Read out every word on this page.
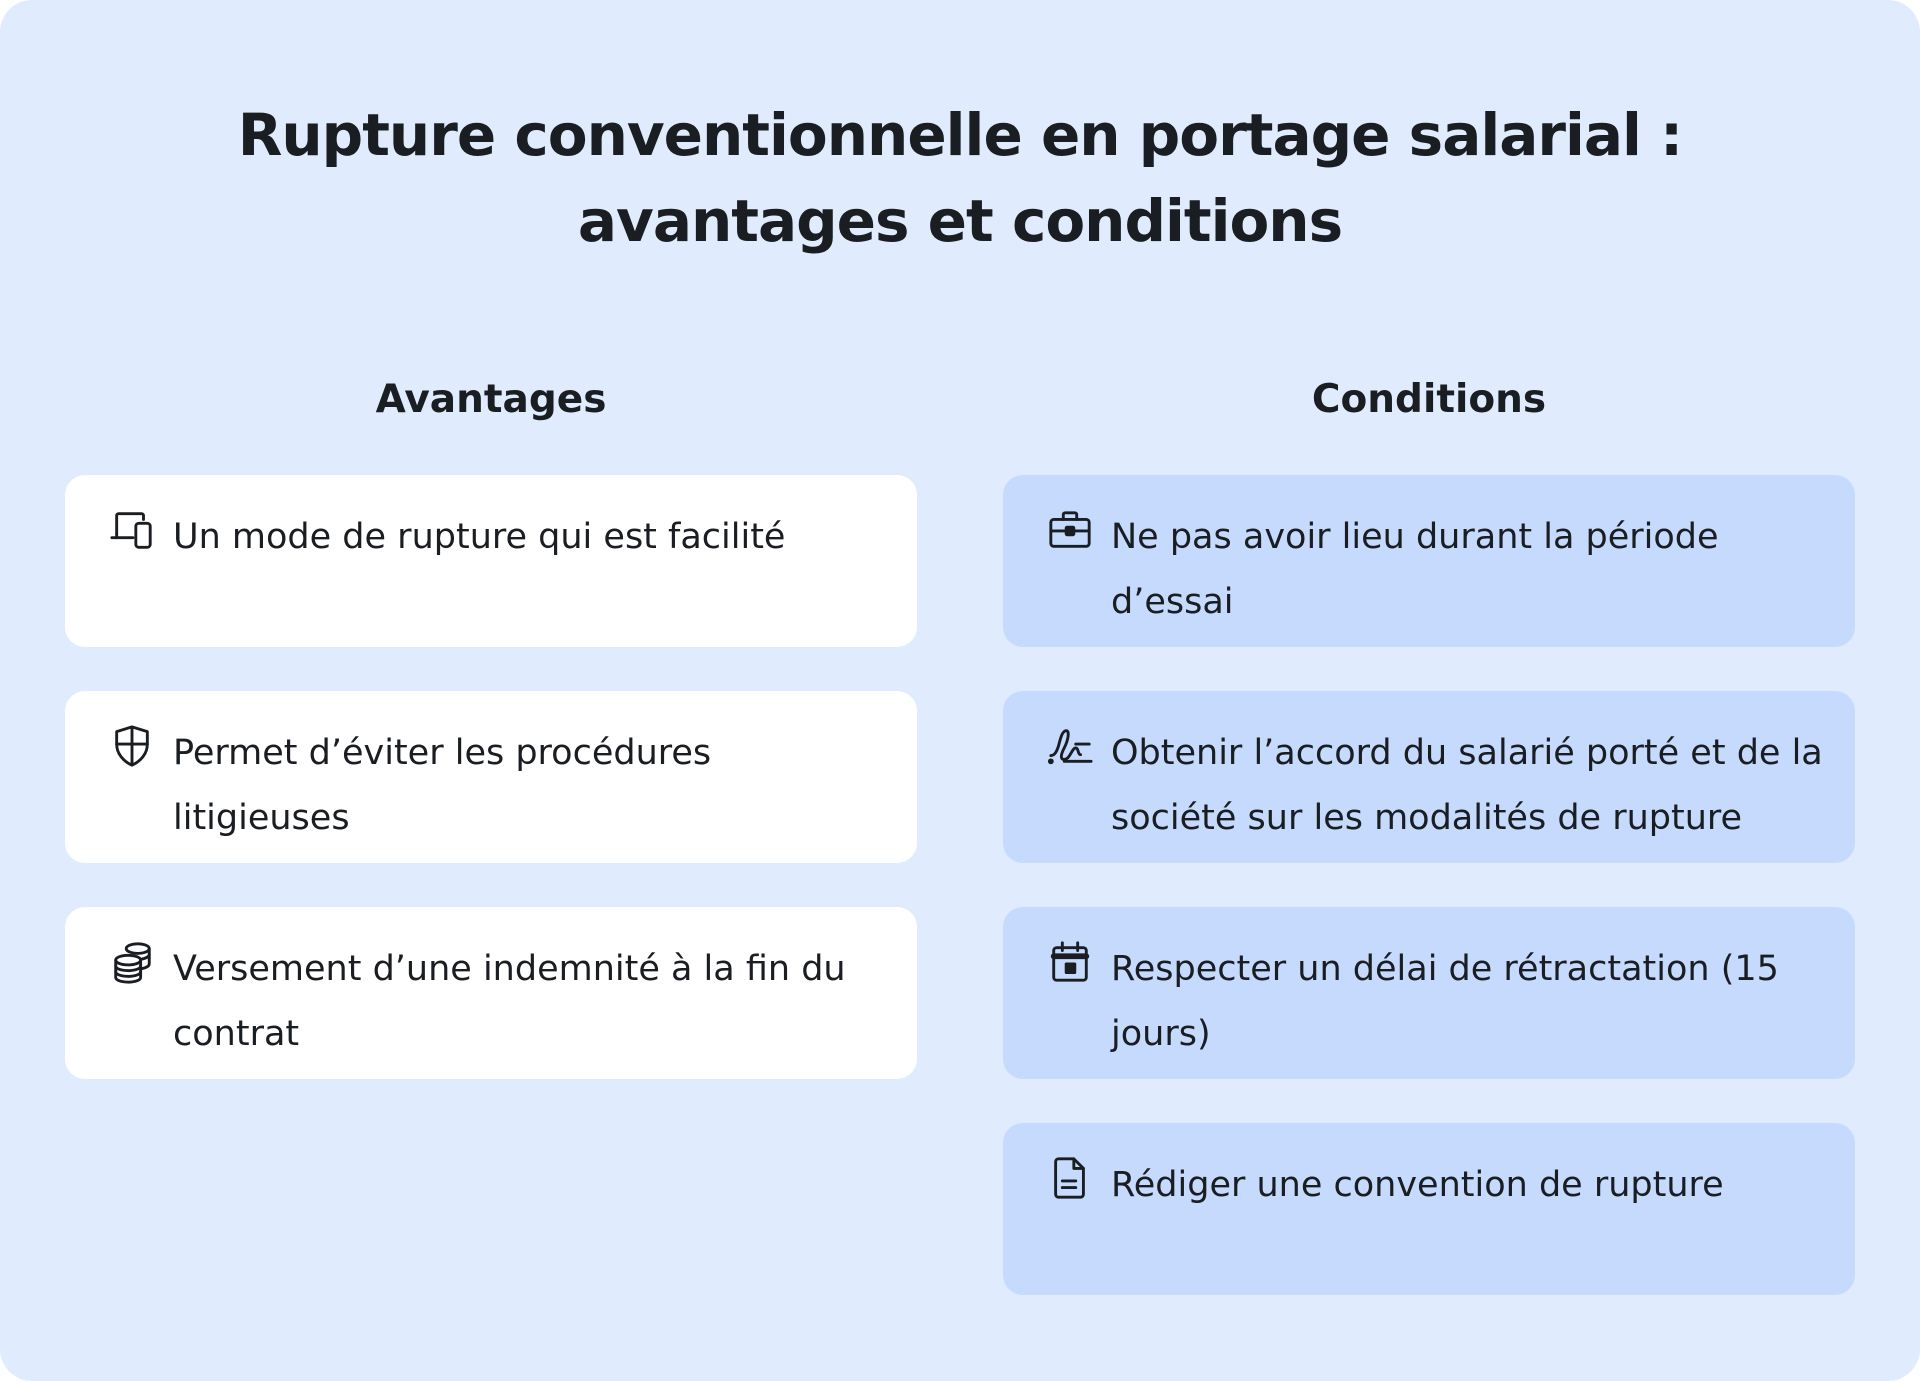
Rupture conventionnelle en portage salarial :
avantages et conditions
Avantages	Conditions
Un mode de rupture qui est facilité
Permet d’éviter les procédures litigieuses
Versement d’une indemnité à la fin du contrat
Ne pas avoir lieu durant la période d’essai
Obtenir l’accord du salarié porté et de la société sur les modalités de rupture
Respecter un délai de rétractation (15 jours)
Rédiger une convention de rupture
